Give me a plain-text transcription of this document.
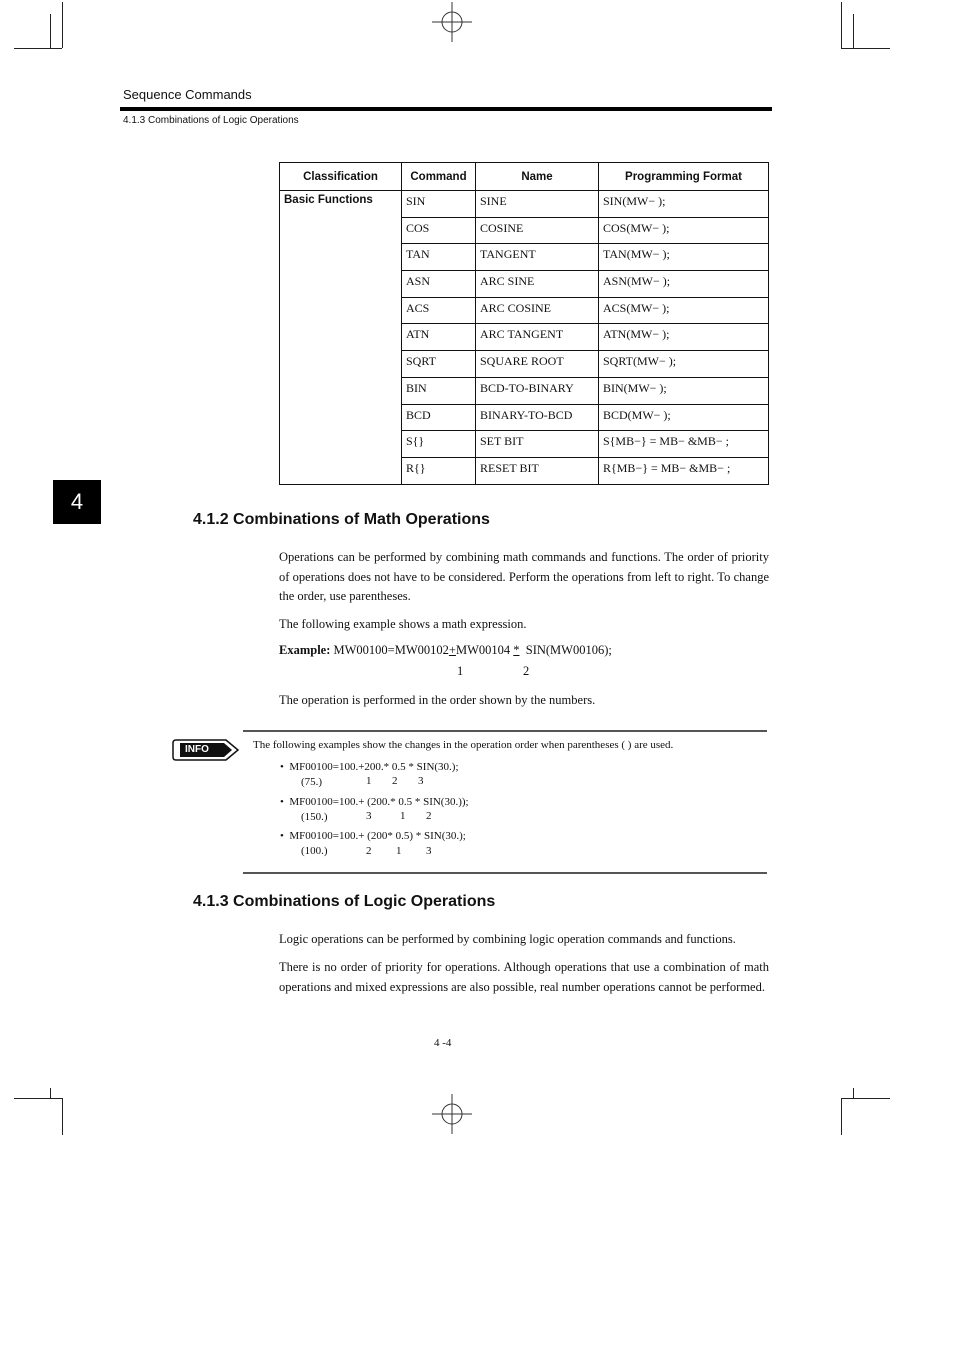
Sequence Commands
4.1.3 Combinations of Logic Operations
Classification	Command	Name	Programming Format
Basic Functions	SIN	SINE	SIN(MW− );
	COS	COSINE	COS(MW− );
	TAN	TANGENT	TAN(MW− );
	ASN	ARC SINE	ASN(MW− );
	ACS	ARC COSINE	ACS(MW− );
	ATN	ARC TANGENT	ATN(MW− );
	SQRT	SQUARE ROOT	SQRT(MW− );
	BIN	BCD-TO-BINARY	BIN(MW− );
	BCD	BINARY-TO-BCD	BCD(MW− );
	S{}	SET BIT	S{MB−} = MB− &MB− ;
	R{}	RESET BIT	R{MB−} = MB− &MB− ;
4
4.1.2 Combinations of Math Operations

Operations can be performed by combining math commands and functions. The order of priority of operations does not have to be considered. Perform the operations from left to right. To change the order, use parentheses.

The following example shows a math expression.

Example: MW00100=MW00102+MW00104 *  SIN(MW00106);
1	2

The operation is performed in the order shown by the numbers.

INFO	The following examples show the changes in the operation order when parentheses ( ) are used.
•  MF00100=100.+200.* 0.5 * SIN(30.);
(75.)	1 2 3
•  MF00100=100.+ (200.* 0.5 * SIN(30.));
(150.)	3	1 2
•  MF00100=100.+ (200* 0.5) * SIN(30.);
(100.)	2 1 3
4.1.3 Combinations of Logic Operations

Logic operations can be performed by combining logic operation commands and functions.

There is no order of priority for operations. Although operations that use a combination of math operations and mixed expressions are also possible, real number operations cannot be performed.

4 -4
